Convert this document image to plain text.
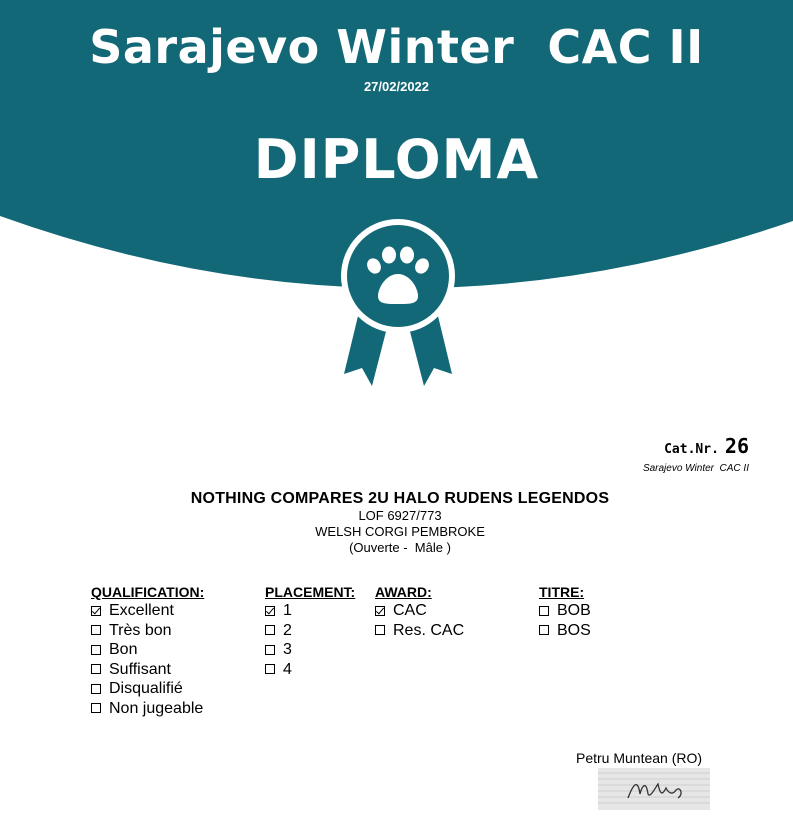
Sarajevo Winter  CAC II
27/02/2022
DIPLOMA
Cat.Nr. 26
Sarajevo Winter  CAC II
NOTHING COMPARES 2U HALO RUDENS LEGENDOS
LOF 6927/773
WELSH CORGI PEMBROKE
(Ouverte -  Mâle )
QUALIFICATION:
Excellent
Très bon
Bon
Suffisant
Disqualifié
Non jugeable
PLACEMENT:
1
2
3
4
AWARD:
CAC
Res. CAC
TITRE:
BOB
BOS
Petru Muntean (RO)
